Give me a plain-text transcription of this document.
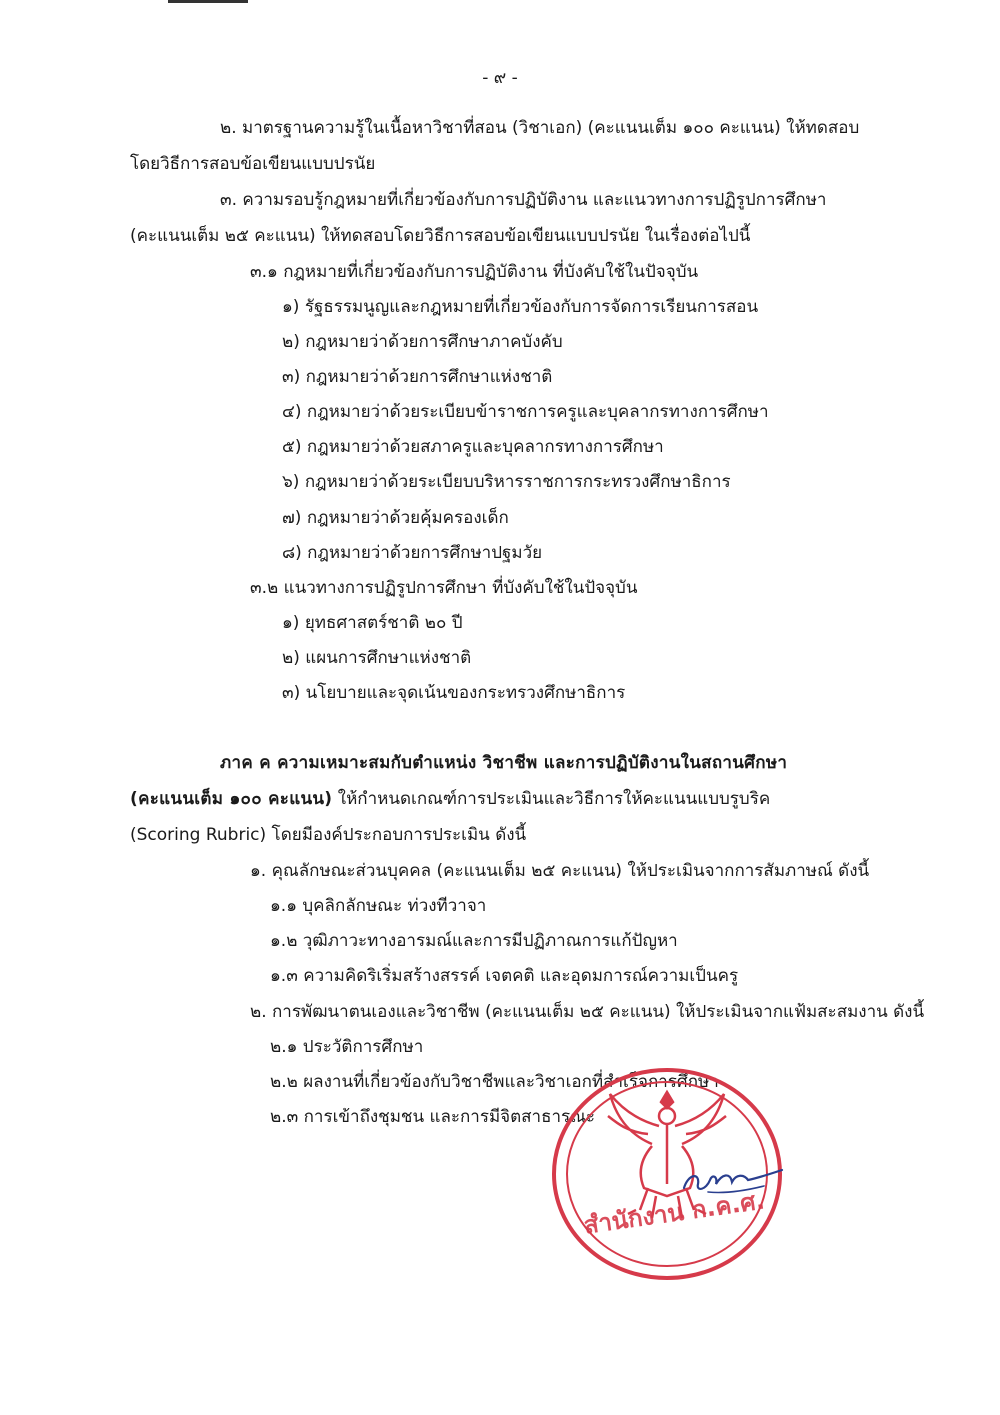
- ๙ -
๒. มาตรฐานความรู้ในเนื้อหาวิชาที่สอน (วิชาเอก) (คะแนนเต็ม ๑๐๐ คะแนน) ให้ทดสอบ
โดยวิธีการสอบข้อเขียนแบบปรนัย
๓. ความรอบรู้กฎหมายที่เกี่ยวข้องกับการปฏิบัติงาน และแนวทางการปฏิรูปการศึกษา
(คะแนนเต็ม ๒๕ คะแนน) ให้ทดสอบโดยวิธีการสอบข้อเขียนแบบปรนัย ในเรื่องต่อไปนี้
๓.๑ กฎหมายที่เกี่ยวข้องกับการปฏิบัติงาน ที่บังคับใช้ในปัจจุบัน
๑) รัฐธรรมนูญและกฎหมายที่เกี่ยวข้องกับการจัดการเรียนการสอน
๒) กฎหมายว่าด้วยการศึกษาภาคบังคับ
๓) กฎหมายว่าด้วยการศึกษาแห่งชาติ
๔) กฎหมายว่าด้วยระเบียบข้าราชการครูและบุคลากรทางการศึกษา
๕) กฎหมายว่าด้วยสภาครูและบุคลากรทางการศึกษา
๖) กฎหมายว่าด้วยระเบียบบริหารราชการกระทรวงศึกษาธิการ
๗) กฎหมายว่าด้วยคุ้มครองเด็ก
๘) กฎหมายว่าด้วยการศึกษาปฐมวัย
๓.๒ แนวทางการปฏิรูปการศึกษา ที่บังคับใช้ในปัจจุบัน
๑) ยุทธศาสตร์ชาติ ๒๐ ปี
๒) แผนการศึกษาแห่งชาติ
๓) นโยบายและจุดเน้นของกระทรวงศึกษาธิการ
ภาค ค ความเหมาะสมกับตำแหน่ง วิชาชีพ และการปฏิบัติงานในสถานศึกษา
(คะแนนเต็ม ๑๐๐ คะแนน) ให้กำหนดเกณฑ์การประเมินและวิธีการให้คะแนนแบบรูบริค
(Scoring Rubric) โดยมีองค์ประกอบการประเมิน ดังนี้
๑. คุณลักษณะส่วนบุคคล (คะแนนเต็ม ๒๕ คะแนน) ให้ประเมินจากการสัมภาษณ์ ดังนี้
๑.๑ บุคลิกลักษณะ ท่วงทีวาจา
๑.๒ วุฒิภาวะทางอารมณ์และการมีปฏิภาณการแก้ปัญหา
๑.๓ ความคิดริเริ่มสร้างสรรค์ เจตคติ และอุดมการณ์ความเป็นครู
๒. การพัฒนาตนเองและวิชาชีพ (คะแนนเต็ม ๒๕ คะแนน) ให้ประเมินจากแฟ้มสะสมงาน ดังนี้
๒.๑ ประวัติการศึกษา
๒.๒ ผลงานที่เกี่ยวข้องกับวิชาชีพและวิชาเอกที่สำเร็จการศึกษา
๒.๓ การเข้าถึงชุมชน และการมีจิตสาธารณะ
สำนักงาน ก.ค.ศ.
